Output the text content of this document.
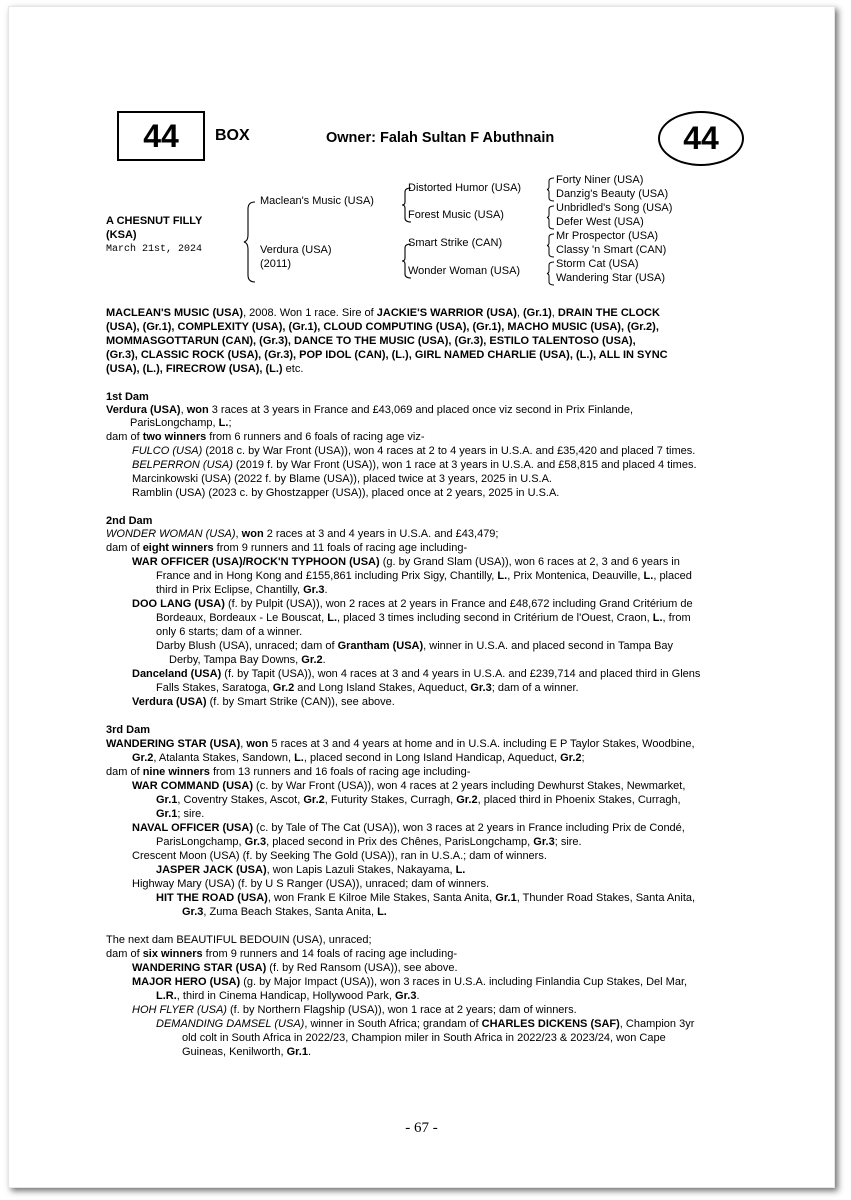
44	BOX	Owner: Falah Sultan F Abuthnain	44
A CHESNUT FILLY
(KSA)
March 21st, 2024
Maclean's Music (USA)
Verdura (USA)
(2011)
Distorted Humor (USA)
Forest Music (USA)
Smart Strike (CAN)
Wonder Woman (USA)
Forty Niner (USA)
Danzig's Beauty (USA)
Unbridled's Song (USA)
Defer West (USA)
Mr Prospector (USA)
Classy 'n Smart (CAN)
Storm Cat (USA)
Wandering Star (USA)
MACLEAN'S MUSIC (USA), 2008. Won 1 race. Sire of JACKIE'S WARRIOR (USA), (Gr.1), DRAIN THE CLOCK
(USA), (Gr.1), COMPLEXITY (USA), (Gr.1), CLOUD COMPUTING (USA), (Gr.1), MACHO MUSIC (USA), (Gr.2),
MOMMASGOTTARUN (CAN), (Gr.3), DANCE TO THE MUSIC (USA), (Gr.3), ESTILO TALENTOSO (USA),
(Gr.3), CLASSIC ROCK (USA), (Gr.3), POP IDOL (CAN), (L.), GIRL NAMED CHARLIE (USA), (L.), ALL IN SYNC
(USA), (L.), FIRECROW (USA), (L.) etc.
1st Dam
Verdura (USA), won 3 races at 3 years in France and £43,069 and placed once viz second in Prix Finlande,
ParisLongchamp, L.;
dam of two winners from 6 runners and 6 foals of racing age viz-
FULCO (USA) (2018 c. by War Front (USA)), won 4 races at 2 to 4 years in U.S.A. and £35,420 and placed 7 times.
BELPERRON (USA) (2019 f. by War Front (USA)), won 1 race at 3 years in U.S.A. and £58,815 and placed 4 times.
Marcinkowski (USA) (2022 f. by Blame (USA)), placed twice at 3 years, 2025 in U.S.A.
Ramblin (USA) (2023 c. by Ghostzapper (USA)), placed once at 2 years, 2025 in U.S.A.
2nd Dam
WONDER WOMAN (USA), won 2 races at 3 and 4 years in U.S.A. and £43,479;
dam of eight winners from 9 runners and 11 foals of racing age including-
WAR OFFICER (USA)/ROCK'N TYPHOON (USA) (g. by Grand Slam (USA)), won 6 races at 2, 3 and 6 years in
France and in Hong Kong and £155,861 including Prix Sigy, Chantilly, L., Prix Montenica, Deauville, L., placed
third in Prix Eclipse, Chantilly, Gr.3.
DOO LANG (USA) (f. by Pulpit (USA)), won 2 races at 2 years in France and £48,672 including Grand Critérium de
Bordeaux, Bordeaux - Le Bouscat, L., placed 3 times including second in Critérium de l'Ouest, Craon, L., from
only 6 starts; dam of a winner.
Darby Blush (USA), unraced; dam of Grantham (USA), winner in U.S.A. and placed second in Tampa Bay
Derby, Tampa Bay Downs, Gr.2.
Danceland (USA) (f. by Tapit (USA)), won 4 races at 3 and 4 years in U.S.A. and £239,714 and placed third in Glens
Falls Stakes, Saratoga, Gr.2 and Long Island Stakes, Aqueduct, Gr.3; dam of a winner.
Verdura (USA) (f. by Smart Strike (CAN)), see above.
3rd Dam
WANDERING STAR (USA), won 5 races at 3 and 4 years at home and in U.S.A. including E P Taylor Stakes, Woodbine,
Gr.2, Atalanta Stakes, Sandown, L., placed second in Long Island Handicap, Aqueduct, Gr.2;
dam of nine winners from 13 runners and 16 foals of racing age including-
WAR COMMAND (USA) (c. by War Front (USA)), won 4 races at 2 years including Dewhurst Stakes, Newmarket,
Gr.1, Coventry Stakes, Ascot, Gr.2, Futurity Stakes, Curragh, Gr.2, placed third in Phoenix Stakes, Curragh,
Gr.1; sire.
NAVAL OFFICER (USA) (c. by Tale of The Cat (USA)), won 3 races at 2 years in France including Prix de Condé,
ParisLongchamp, Gr.3, placed second in Prix des Chênes, ParisLongchamp, Gr.3; sire.
Crescent Moon (USA) (f. by Seeking The Gold (USA)), ran in U.S.A.; dam of winners.
JASPER JACK (USA), won Lapis Lazuli Stakes, Nakayama, L.
Highway Mary (USA) (f. by U S Ranger (USA)), unraced; dam of winners.
HIT THE ROAD (USA), won Frank E Kilroe Mile Stakes, Santa Anita, Gr.1, Thunder Road Stakes, Santa Anita,
Gr.3, Zuma Beach Stakes, Santa Anita, L.
The next dam BEAUTIFUL BEDOUIN (USA), unraced;
dam of six winners from 9 runners and 14 foals of racing age including-
WANDERING STAR (USA) (f. by Red Ransom (USA)), see above.
MAJOR HERO (USA) (g. by Major Impact (USA)), won 3 races in U.S.A. including Finlandia Cup Stakes, Del Mar,
L.R., third in Cinema Handicap, Hollywood Park, Gr.3.
HOH FLYER (USA) (f. by Northern Flagship (USA)), won 1 race at 2 years; dam of winners.
DEMANDING DAMSEL (USA), winner in South Africa; grandam of CHARLES DICKENS (SAF), Champion 3yr
old colt in South Africa in 2022/23, Champion miler in South Africa in 2022/23 & 2023/24, won Cape
Guineas, Kenilworth, Gr.1.
- 67 -
